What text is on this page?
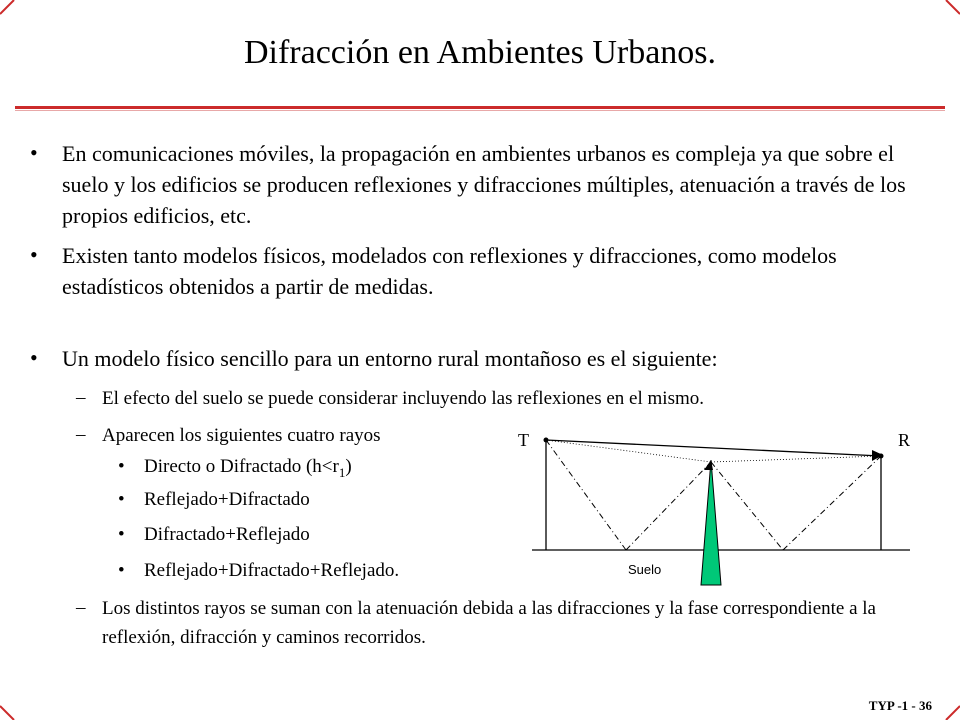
Difracción en Ambientes Urbanos.
• En comunicaciones móviles, la propagación en ambientes urbanos es compleja ya que sobre el suelo y los edificios se producen reflexiones y difracciones múltiples, atenuación a través de los propios edificios, etc.
• Existen tanto modelos físicos, modelados con reflexiones y difracciones, como modelos estadísticos obtenidos a partir de medidas.
• Un modelo físico sencillo para un entorno rural montañoso es el siguiente:
– El efecto del suelo se puede considerar incluyendo las reflexiones en el mismo.
– Aparecen los siguientes cuatro rayos
• Directo o Difractado $(h<r_1)$
• Reflejado+Difractado
• Difractado+Reflejado
• Reflejado+Difractado+Reflejado.
– Los distintos rayos se suman con la atenuación debida a las difracciones y la fase correspondiente a la reflexión, difracción y caminos recorridos.
T	R
Suelo
TYP -1 - 36
